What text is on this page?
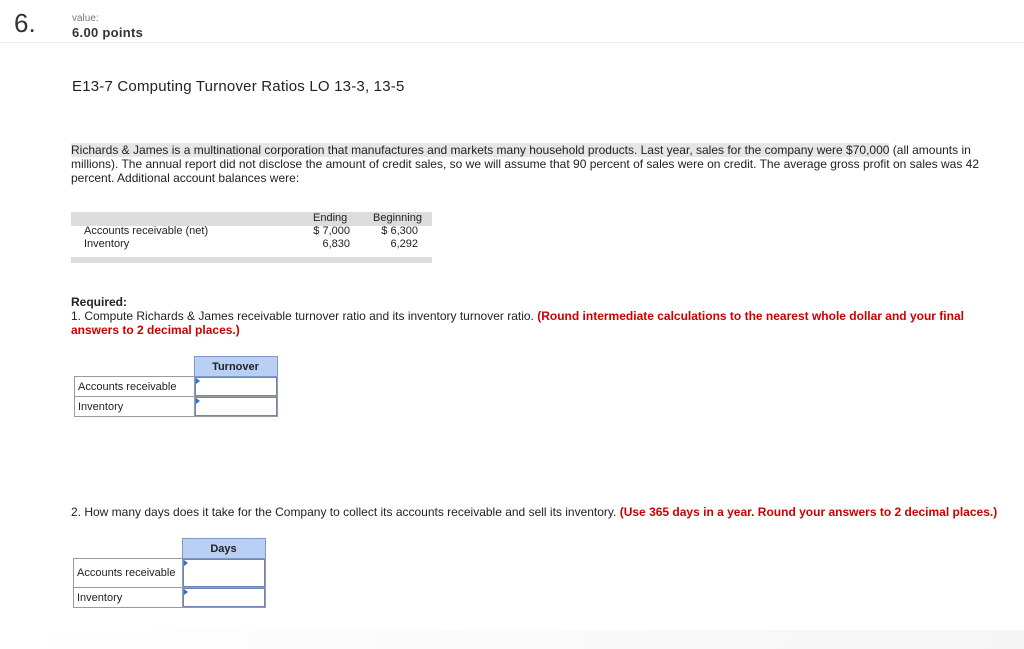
6.	value:
6.00 points
E13-7 Computing Turnover Ratios LO 13-3, 13-5
Richards & James is a multinational corporation that manufactures and markets many household products. Last year, sales for the company were $70,000 (all amounts in millions). The annual report did not disclose the amount of credit sales, so we will assume that 90 percent of sales were on credit. The average gross profit on sales was 42 percent. Additional account balances were:
Ending Beginning
Accounts receivable (net)	$ 7,000	$ 6,300
Inventory	6,830	6,292
Required:
1. Compute Richards & James receivable turnover ratio and its inventory turnover ratio. (Round intermediate calculations to the nearest whole dollar and your final answers to 2 decimal places.)
	Turnover
Accounts receivable	

Inventory	
2. How many days does it take for the Company to collect its accounts receivable and sell its inventory. (Use 365 days in a year. Round your answers to 2 decimal places.)
	Days
Accounts receivable	

Inventory	
